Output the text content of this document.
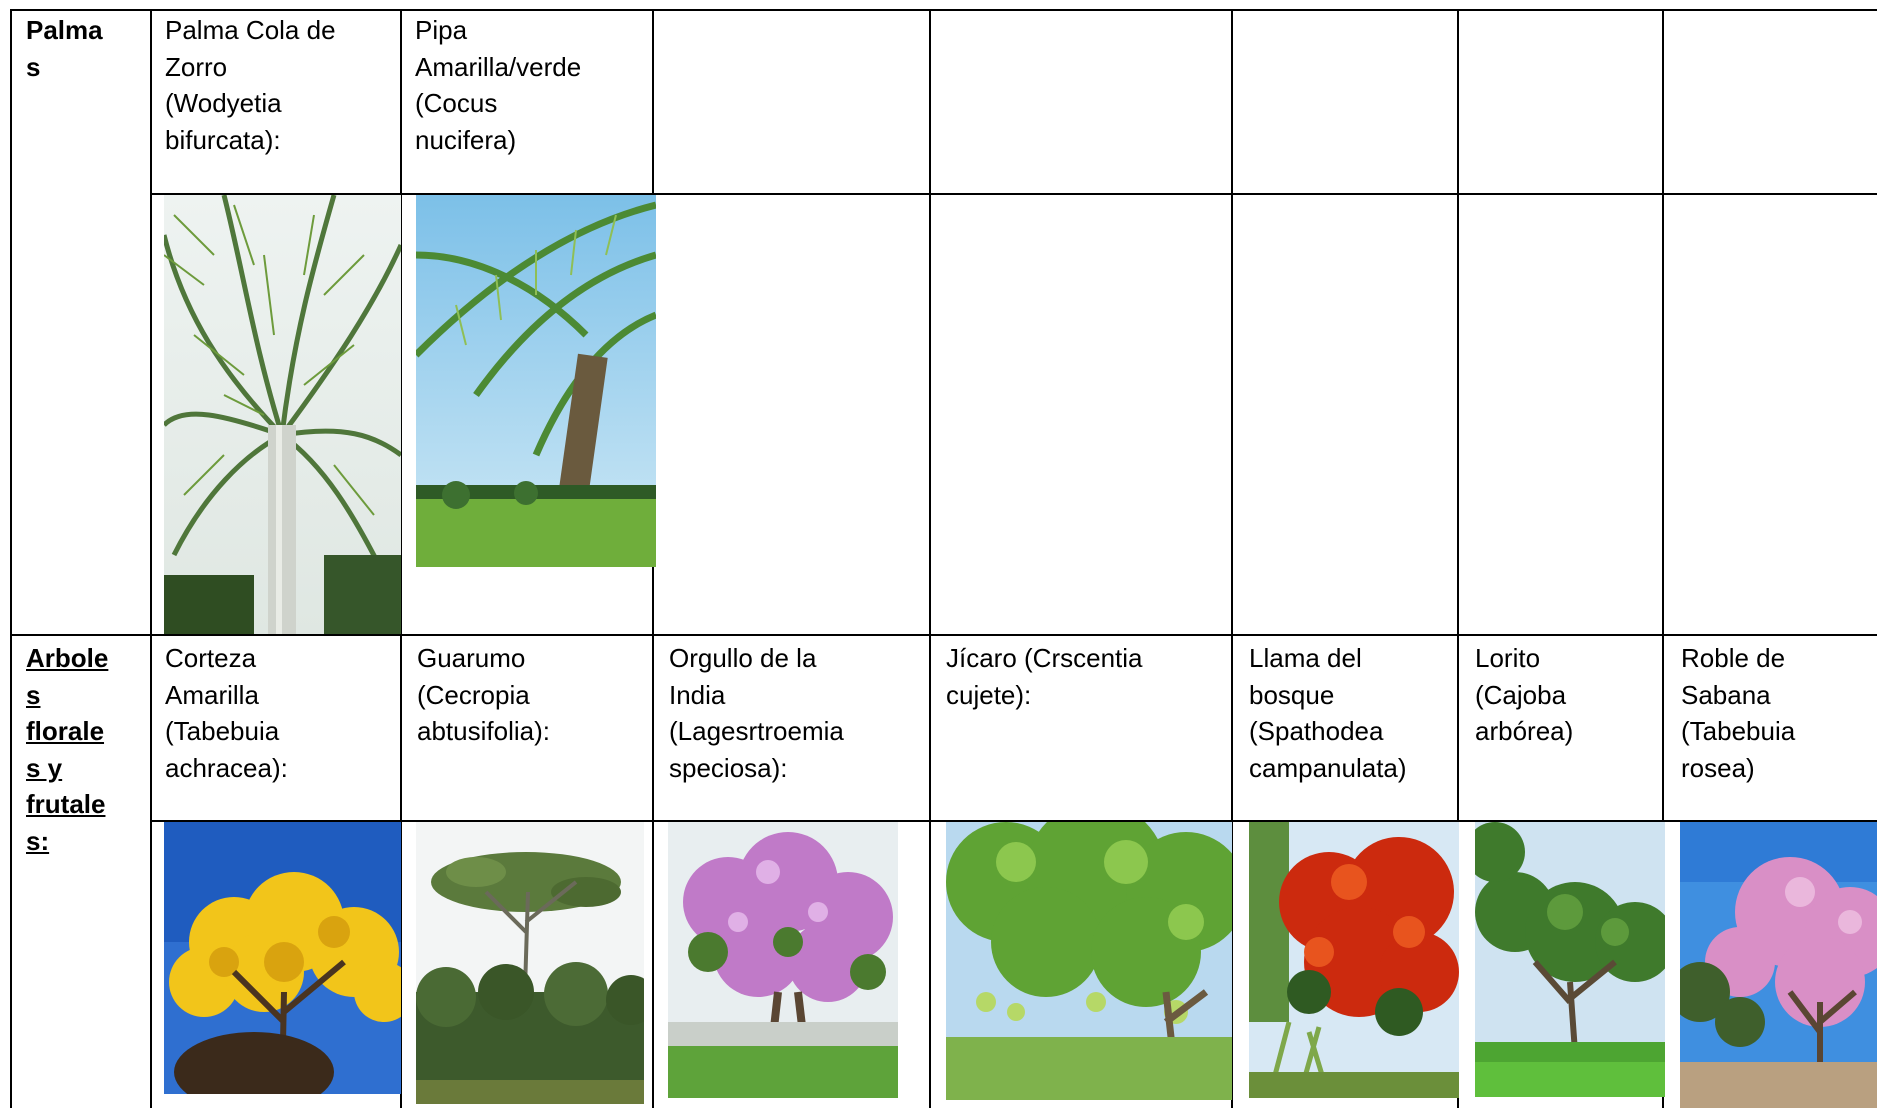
Palma
s
Palma Cola de
Zorro
(Wodyetia
bifurcata):
Pipa
Amarilla/verde
(Cocus
nucifera)
Arbole
s
florale
s y
frutale
s:
Corteza
Amarilla
(Tabebuia
achracea):
Guarumo
(Cecropia
abtusifolia):
Orgullo de la
India
(Lagesrtroemia
speciosa):
Jícaro (Crscentia
cujete):
Llama del
bosque
(Spathodea
campanulata)
Lorito
(Cajoba
arbórea)
Roble de
Sabana
(Tabebuia
rosea)
